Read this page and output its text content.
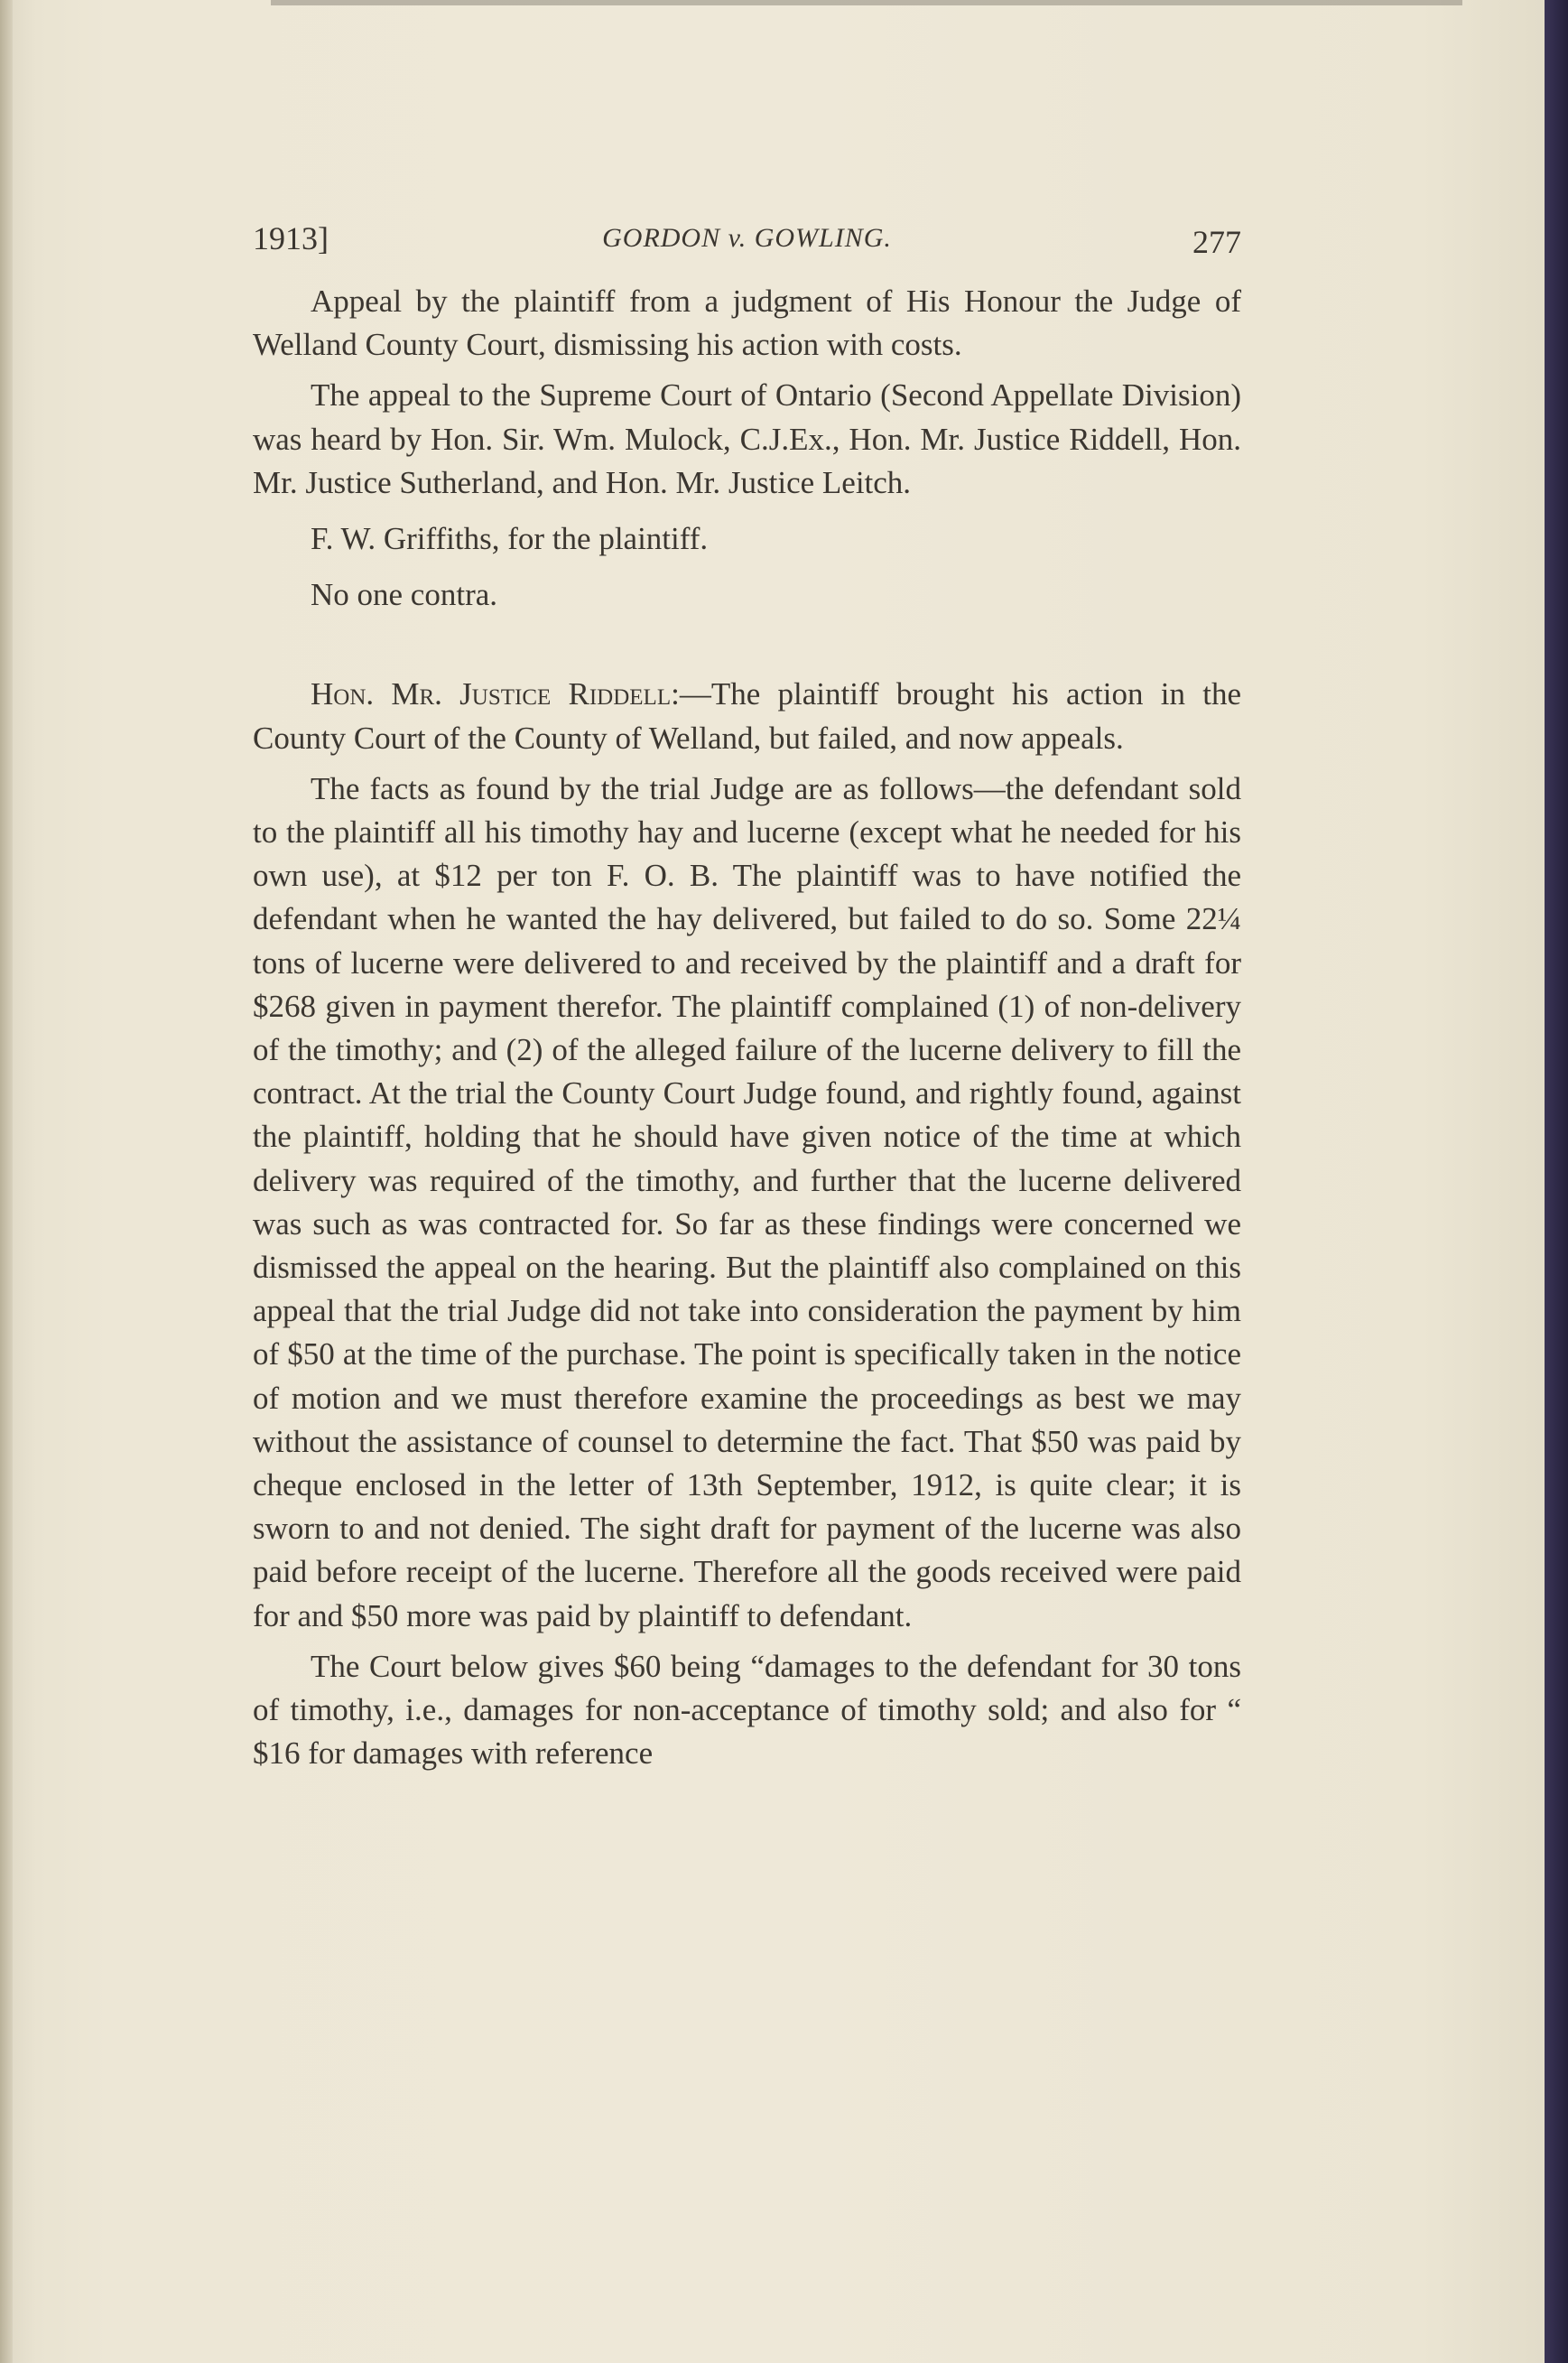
1913]	GORDON v. GOWLING.	277

Appeal by the plaintiff from a judgment of His Honour the Judge of Welland County Court, dismissing his action with costs.

The appeal to the Supreme Court of Ontario (Second Appellate Division) was heard by Hon. Sir. Wm. Mulock, C.J.Ex., Hon. Mr. Justice Riddell, Hon. Mr. Justice Sutherland, and Hon. Mr. Justice Leitch.

F. W. Griffiths, for the plaintiff.

No one contra.

Hon. Mr. Justice Riddell:—The plaintiff brought his action in the County Court of the County of Welland, but failed, and now appeals.

The facts as found by the trial Judge are as follows—the defendant sold to the plaintiff all his timothy hay and lucerne (except what he needed for his own use), at $12 per ton F. O. B. The plaintiff was to have notified the defendant when he wanted the hay delivered, but failed to do so. Some 22¼ tons of lucerne were delivered to and received by the plaintiff and a draft for $268 given in payment therefor. The plaintiff complained (1) of non-delivery of the timothy; and (2) of the alleged failure of the lucerne delivery to fill the contract. At the trial the County Court Judge found, and rightly found, against the plaintiff, holding that he should have given notice of the time at which delivery was required of the timothy, and further that the lucerne delivered was such as was contracted for. So far as these findings were concerned we dismissed the appeal on the hearing. But the plaintiff also complained on this appeal that the trial Judge did not take into consideration the payment by him of $50 at the time of the purchase. The point is specifically taken in the notice of motion and we must therefore examine the proceedings as best we may without the assistance of counsel to determine the fact. That $50 was paid by cheque enclosed in the letter of 13th September, 1912, is quite clear; it is sworn to and not denied. The sight draft for payment of the lucerne was also paid before receipt of the lucerne. Therefore all the goods received were paid for and $50 more was paid by plaintiff to defendant.

The Court below gives $60 being “damages to the defendant for 30 tons of timothy, i.e., damages for non-acceptance of timothy sold; and also for “ $16 for damages with reference
